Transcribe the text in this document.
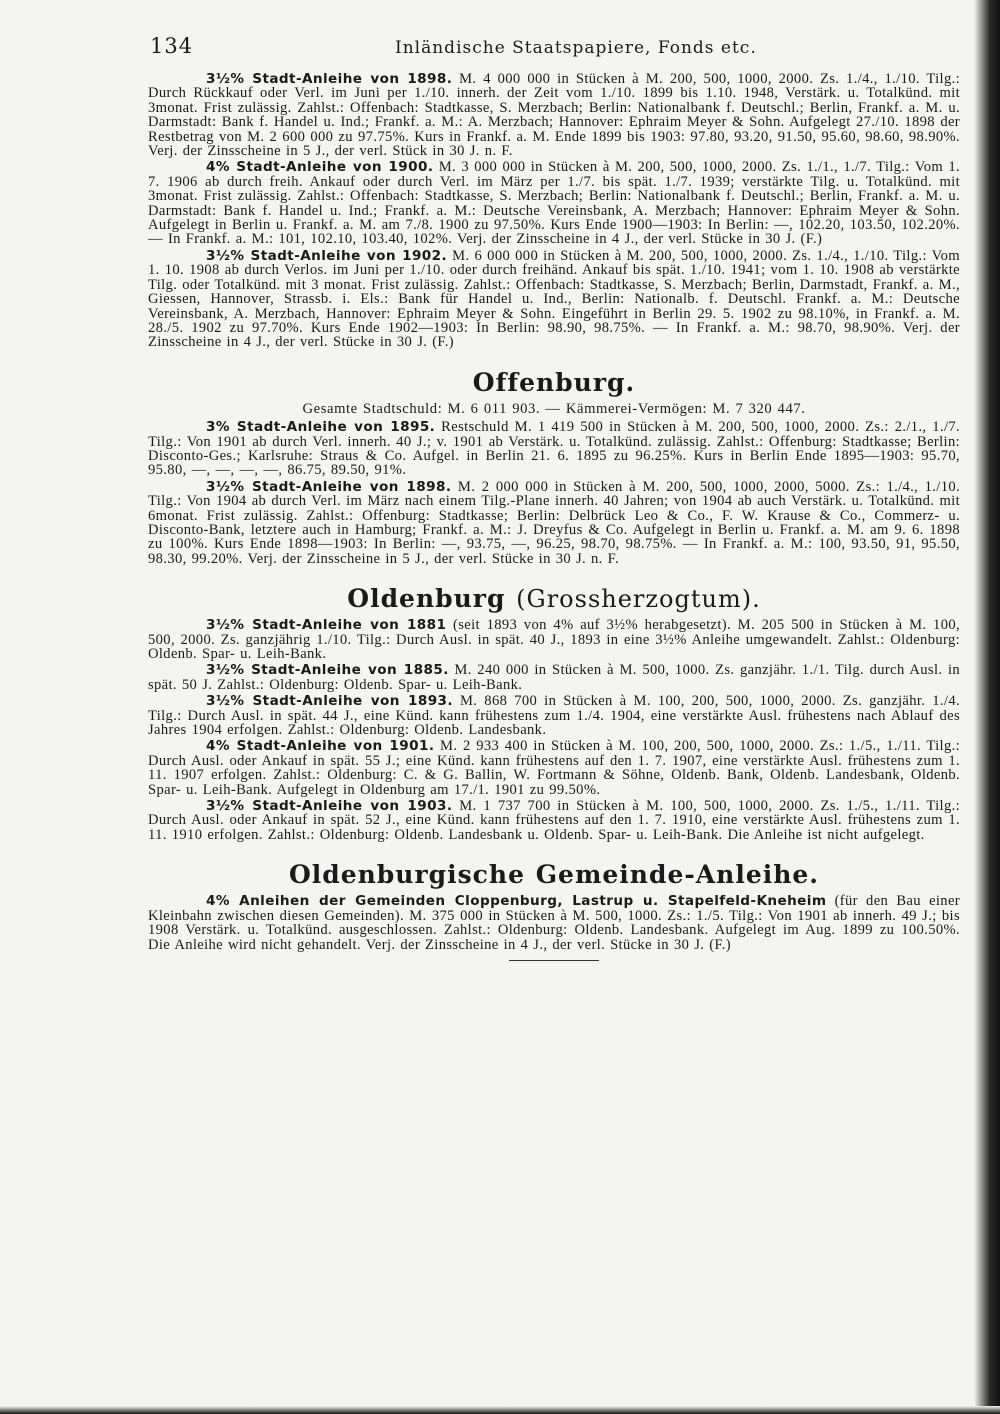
134	Inländische Staatspapiere, Fonds etc.

3½% Stadt-Anleihe von 1898. M. 4 000 000 in Stücken à M. 200, 500, 1000, 2000. Zs. 1./4., 1./10. Tilg.: Durch Rückkauf oder Verl. im Juni per 1./10. innerh. der Zeit vom 1./10. 1899 bis 1.10. 1948, Verstärk. u. Totalkünd. mit 3monat. Frist zulässig. Zahlst.: Offenbach: Stadtkasse, S. Merzbach; Berlin: Nationalbank f. Deutschl.; Berlin, Frankf. a. M. u. Darmstadt: Bank f. Handel u. Ind.; Frankf. a. M.: A. Merzbach; Hannover: Ephraim Meyer & Sohn. Aufgelegt 27./10. 1898 der Restbetrag von M. 2 600 000 zu 97.75%. Kurs in Frankf. a. M. Ende 1899 bis 1903: 97.80, 93.20, 91.50, 95.60, 98.60, 98.90%. Verj. der Zinsscheine in 5 J., der verl. Stück in 30 J. n. F.

4% Stadt-Anleihe von 1900. M. 3 000 000 in Stücken à M. 200, 500, 1000, 2000. Zs. 1./1., 1./7. Tilg.: Vom 1. 7. 1906 ab durch freih. Ankauf oder durch Verl. im März per 1./7. bis spät. 1./7. 1939; verstärkte Tilg. u. Totalkünd. mit 3monat. Frist zulässig. Zahlst.: Offenbach: Stadtkasse, S. Merzbach; Berlin: Nationalbank f. Deutschl.; Berlin, Frankf. a. M. u. Darmstadt: Bank f. Handel u. Ind.; Frankf. a. M.: Deutsche Vereinsbank, A. Merzbach; Hannover: Ephraim Meyer & Sohn. Aufgelegt in Berlin u. Frankf. a. M. am 7./8. 1900 zu 97.50%. Kurs Ende 1900—1903: In Berlin: —, 102.20, 103.50, 102.20%. — In Frankf. a. M.: 101, 102.10, 103.40, 102%. Verj. der Zinsscheine in 4 J., der verl. Stücke in 30 J. (F.)

3½% Stadt-Anleihe von 1902. M. 6 000 000 in Stücken à M. 200, 500, 1000, 2000. Zs. 1./4., 1./10. Tilg.: Vom 1. 10. 1908 ab durch Verlos. im Juni per 1./10. oder durch freihänd. Ankauf bis spät. 1./10. 1941; vom 1. 10. 1908 ab verstärkte Tilg. oder Totalkünd. mit 3 monat. Frist zulässig. Zahlst.: Offenbach: Stadtkasse, S. Merzbach; Berlin, Darmstadt, Frankf. a. M., Giessen, Hannover, Strassb. i. Els.: Bank für Handel u. Ind., Berlin: Nationalb. f. Deutschl. Frankf. a. M.: Deutsche Vereinsbank, A. Merzbach, Hannover: Ephraim Meyer & Sohn. Eingeführt in Berlin 29. 5. 1902 zu 98.10%, in Frankf. a. M. 28./5. 1902 zu 97.70%. Kurs Ende 1902—1903: In Berlin: 98.90, 98.75%. — In Frankf. a. M.: 98.70, 98.90%. Verj. der Zinsscheine in 4 J., der verl. Stücke in 30 J. (F.)

Offenburg.

Gesamte Stadtschuld: M. 6 011 903. — Kämmerei-Vermögen: M. 7 320 447.

3% Stadt-Anleihe von 1895. Restschuld M. 1 419 500 in Stücken à M. 200, 500, 1000, 2000. Zs.: 2./1., 1./7. Tilg.: Von 1901 ab durch Verl. innerh. 40 J.; v. 1901 ab Verstärk. u. Totalkünd. zulässig. Zahlst.: Offenburg: Stadtkasse; Berlin: Disconto-Ges.; Karlsruhe: Straus & Co. Aufgel. in Berlin 21. 6. 1895 zu 96.25%. Kurs in Berlin Ende 1895—1903: 95.70, 95.80, —, —, —, —, 86.75, 89.50, 91%.

3½% Stadt-Anleihe von 1898. M. 2 000 000 in Stücken à M. 200, 500, 1000, 2000, 5000. Zs.: 1./4., 1./10. Tilg.: Von 1904 ab durch Verl. im März nach einem Tilg.-Plane innerh. 40 Jahren; von 1904 ab auch Verstärk. u. Totalkünd. mit 6monat. Frist zulässig. Zahlst.: Offenburg: Stadtkasse; Berlin: Delbrück Leo & Co., F. W. Krause & Co., Commerz- u. Disconto-Bank, letztere auch in Hamburg; Frankf. a. M.: J. Dreyfus & Co. Aufgelegt in Berlin u. Frankf. a. M. am 9. 6. 1898 zu 100%. Kurs Ende 1898—1903: In Berlin: —, 93.75, —, 96.25, 98.70, 98.75%. — In Frankf. a. M.: 100, 93.50, 91, 95.50, 98.30, 99.20%. Verj. der Zinsscheine in 5 J., der verl. Stücke in 30 J. n. F.

Oldenburg (Grossherzogtum).

3½% Stadt-Anleihe von 1881 (seit 1893 von 4% auf 3½% herabgesetzt). M. 205 500 in Stücken à M. 100, 500, 2000. Zs. ganzjährig 1./10. Tilg.: Durch Ausl. in spät. 40 J., 1893 in eine 3½% Anleihe umgewandelt. Zahlst.: Oldenburg: Oldenb. Spar- u. Leih-Bank.

3½% Stadt-Anleihe von 1885. M. 240 000 in Stücken à M. 500, 1000. Zs. ganzjähr. 1./1. Tilg. durch Ausl. in spät. 50 J. Zahlst.: Oldenburg: Oldenb. Spar- u. Leih-Bank.

3½% Stadt-Anleihe von 1893. M. 868 700 in Stücken à M. 100, 200, 500, 1000, 2000. Zs. ganzjähr. 1./4. Tilg.: Durch Ausl. in spät. 44 J., eine Künd. kann frühestens zum 1./4. 1904, eine verstärkte Ausl. frühestens nach Ablauf des Jahres 1904 erfolgen. Zahlst.: Oldenburg: Oldenb. Landesbank.

4% Stadt-Anleihe von 1901. M. 2 933 400 in Stücken à M. 100, 200, 500, 1000, 2000. Zs.: 1./5., 1./11. Tilg.: Durch Ausl. oder Ankauf in spät. 55 J.; eine Künd. kann frühestens auf den 1. 7. 1907, eine verstärkte Ausl. frühestens zum 1. 11. 1907 erfolgen. Zahlst.: Oldenburg: C. & G. Ballin, W. Fortmann & Söhne, Oldenb. Bank, Oldenb. Landesbank, Oldenb. Spar- u. Leih-Bank. Aufgelegt in Oldenburg am 17./1. 1901 zu 99.50%.

3½% Stadt-Anleihe von 1903. M. 1 737 700 in Stücken à M. 100, 500, 1000, 2000. Zs. 1./5., 1./11. Tilg.: Durch Ausl. oder Ankauf in spät. 52 J., eine Künd. kann frühestens auf den 1. 7. 1910, eine verstärkte Ausl. frühestens zum 1. 11. 1910 erfolgen. Zahlst.: Oldenburg: Oldenb. Landesbank u. Oldenb. Spar- u. Leih-Bank. Die Anleihe ist nicht aufgelegt.

Oldenburgische Gemeinde-Anleihe.

4% Anleihen der Gemeinden Cloppenburg, Lastrup u. Stapelfeld-Kneheim (für den Bau einer Kleinbahn zwischen diesen Gemeinden). M. 375 000 in Stücken à M. 500, 1000. Zs.: 1./5. Tilg.: Von 1901 ab innerh. 49 J.; bis 1908 Verstärk. u. Totalkünd. ausgeschlossen. Zahlst.: Oldenburg: Oldenb. Landesbank. Aufgelegt im Aug. 1899 zu 100.50%. Die Anleihe wird nicht gehandelt. Verj. der Zinsscheine in 4 J., der verl. Stücke in 30 J. (F.)
